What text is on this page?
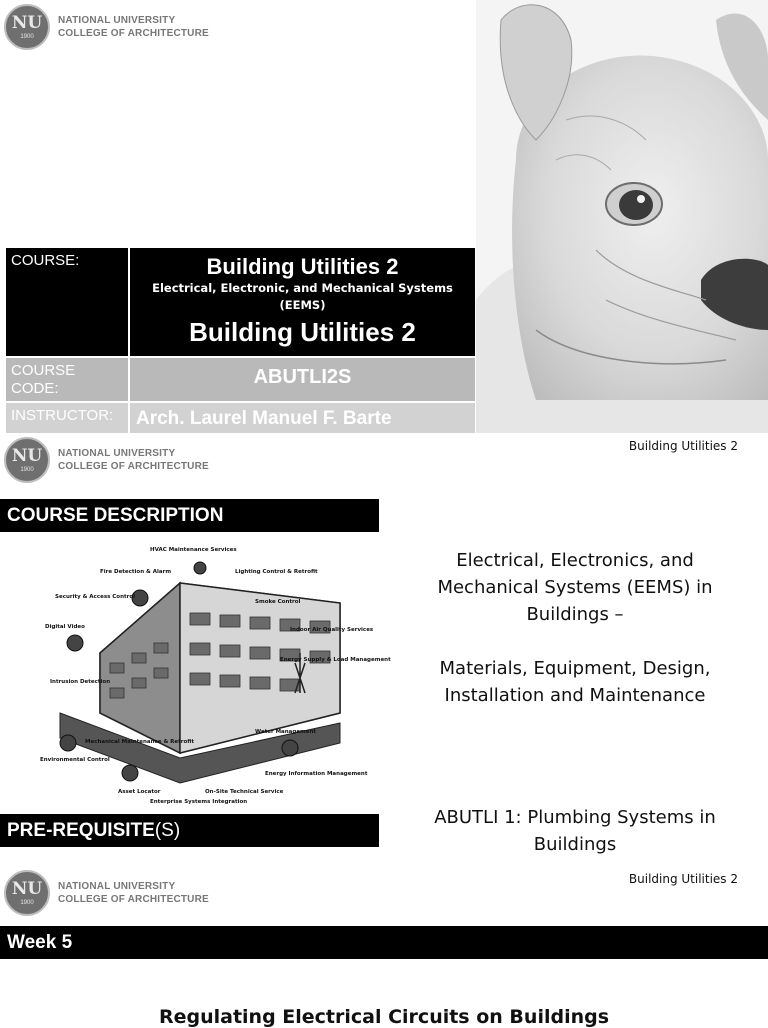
NU
1900
NATIONAL UNIVERSITY
COLLEGE OF ARCHITECTURE
COURSE:	Building Utilities 2
Electrical, Electronic, and Mechanical Systems (EEMS)
Building Utilities 2
COURSE CODE:
ABUTLI2S
INSTRUCTOR:	Arch. Laurel Manuel F. Barte
NU
1900
NATIONAL UNIVERSITY
COLLEGE OF ARCHITECTURE
Building Utilities 2
COURSE DESCRIPTION
HVAC Maintenance Services
Fire Detection & Alarm	Lighting Control & Retrofit
Security & Access Control
Smoke Control
Digital Video	Indoor Air Quality Services
Intrusion Detection
Energy Supply & Load Management
Water Management
Environmental Control
Mechanical Maintenance & Retrofit
Asset Locator
Enterprise Systems Integration
On-Site Technical Service
Energy Information Management
Electrical, Electronics, and Mechanical Systems (EEMS) in Buildings –
Materials, Equipment, Design, Installation and Maintenance
PRE-REQUISITE(S)
ABUTLI 1: Plumbing Systems in Buildings
Building Utilities 2
NU
1900
NATIONAL UNIVERSITY
COLLEGE OF ARCHITECTURE
Week 5
Regulating Electrical Circuits on Buildings
